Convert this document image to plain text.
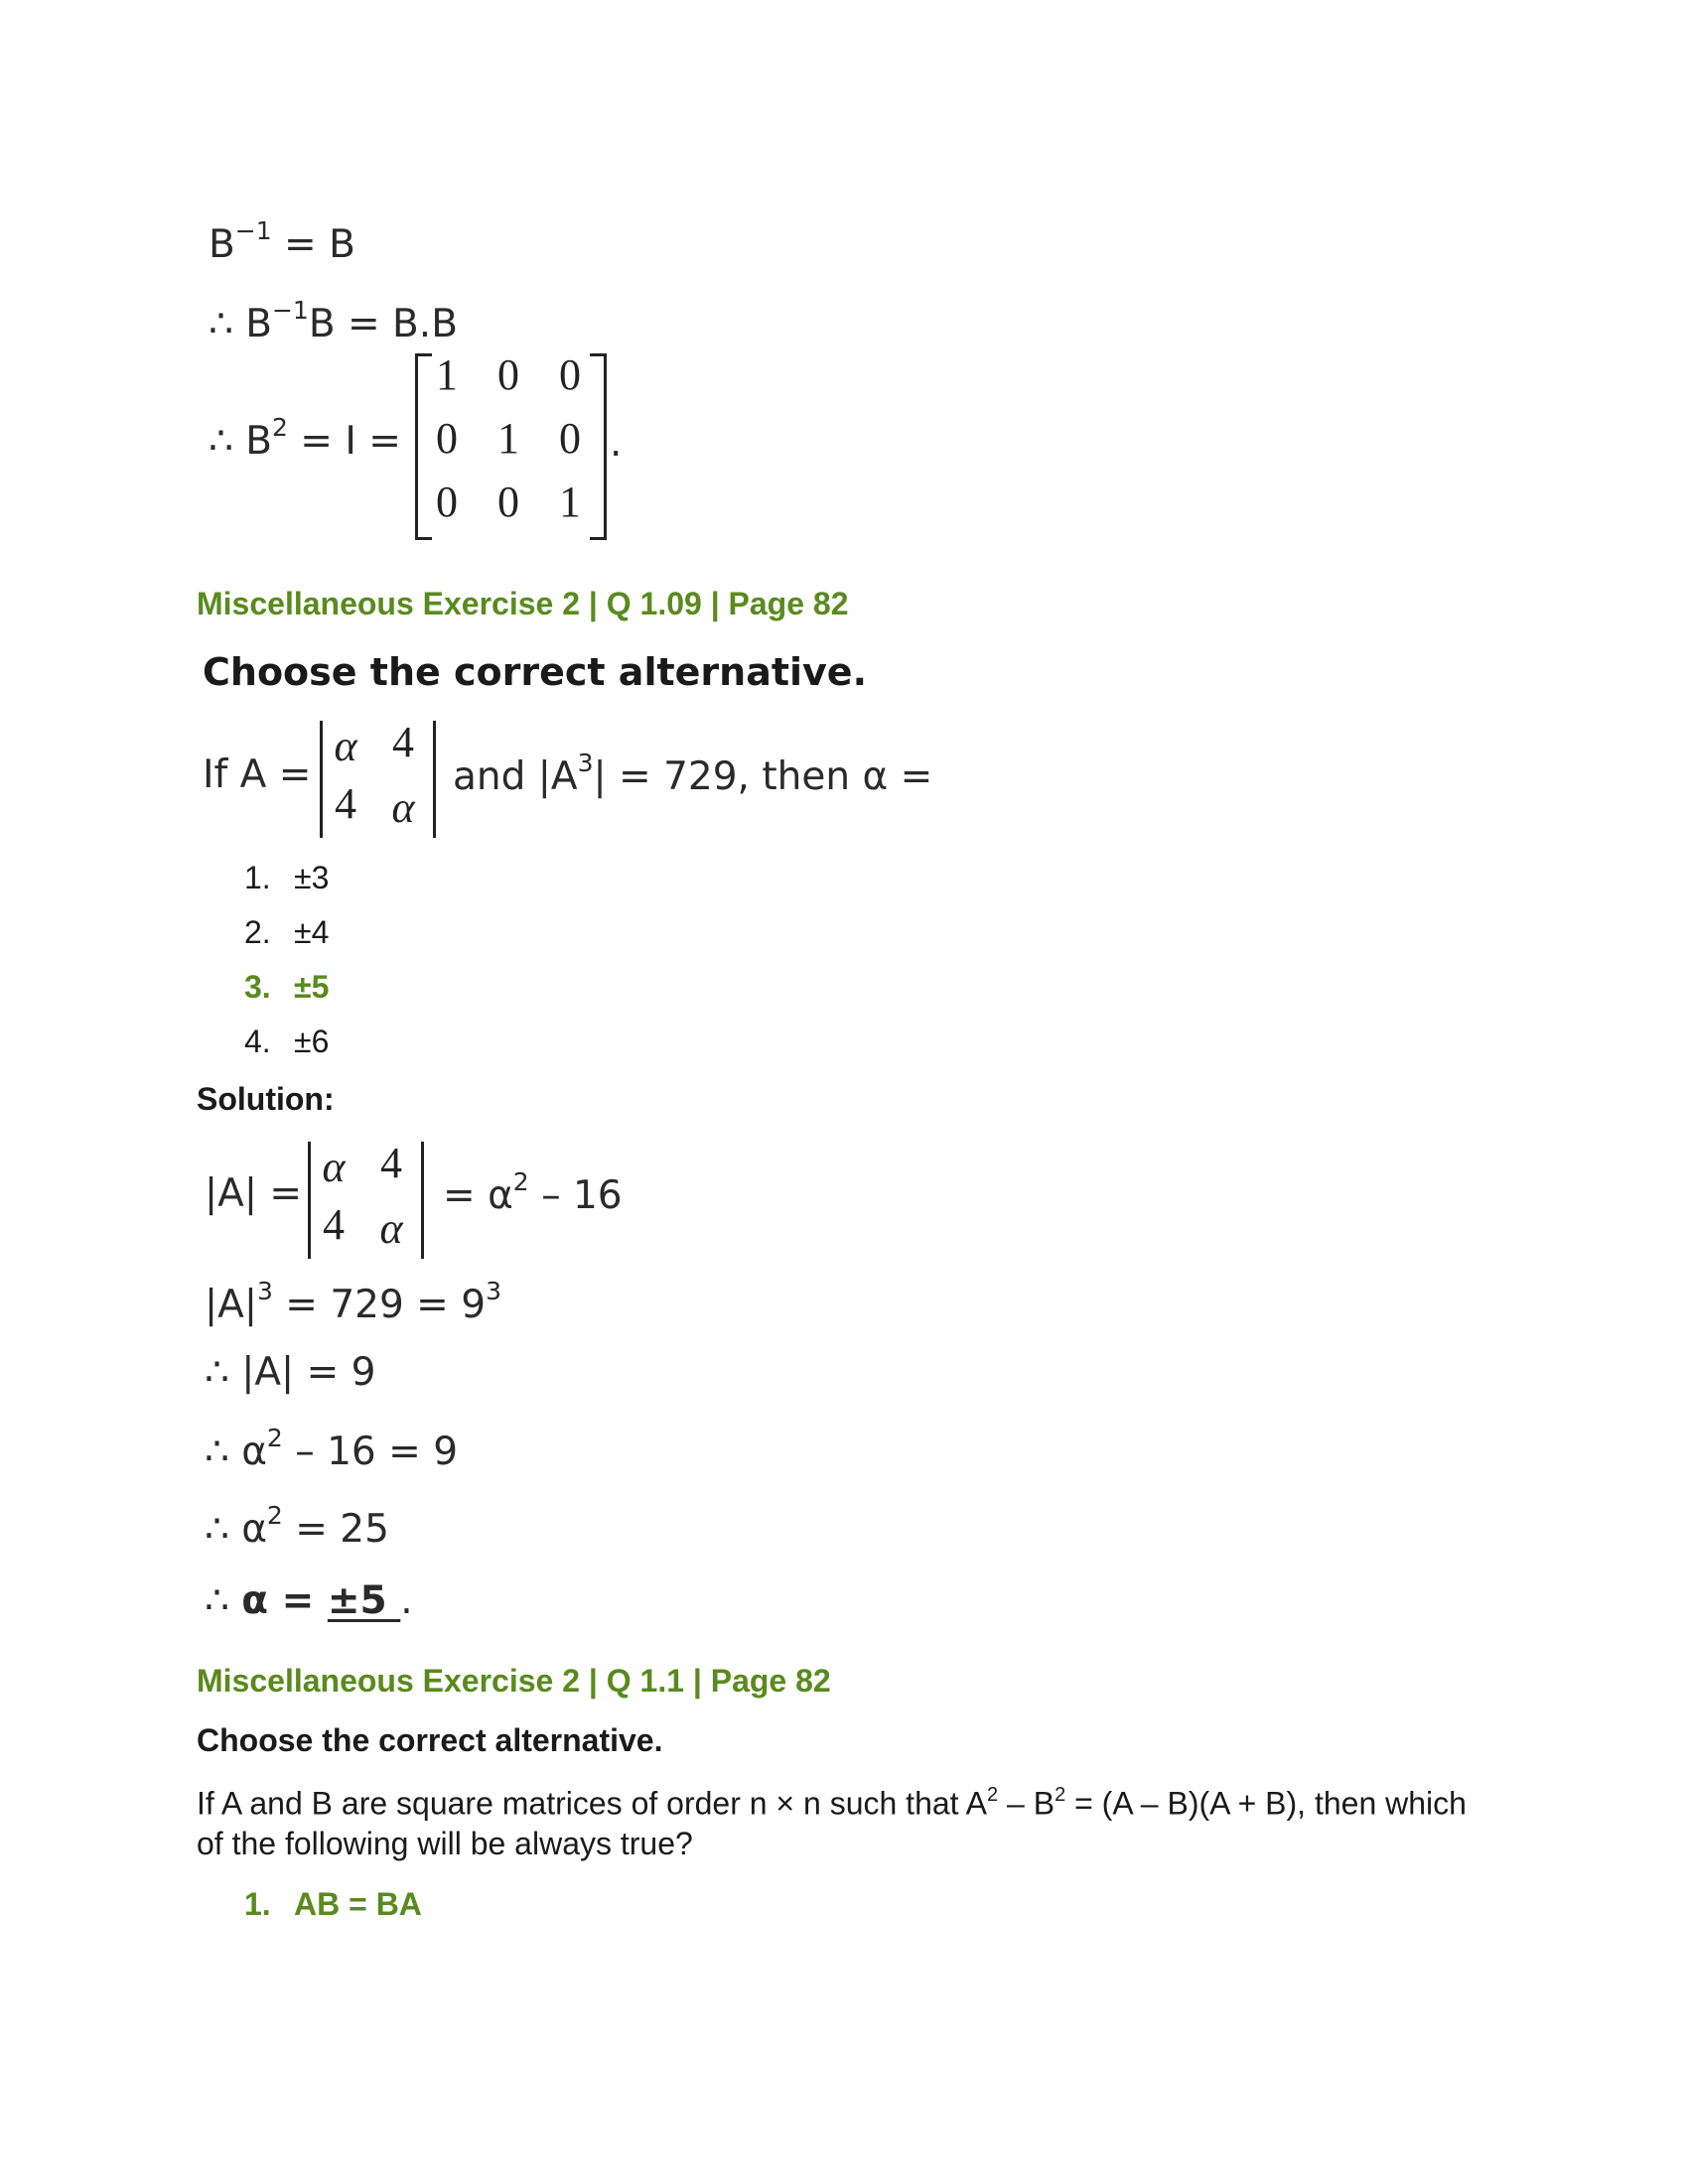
$B^{-1} = B$
∴ $B^{-1}B = B.B$
∴ $B^2 = I$ =
1 0 0
0 1 0
0 0 1
.
Miscellaneous Exercise 2 | Q 1.09 | Page 82
Choose the correct alternative.
If A =
α 4
4 α
and $|A^3| = 729$, then α =
1. ±3
2. ±4
3. ±5
4. ±6
Solution:
|A| =
α 4
4 α
= $\alpha^2 - 16$
$|A|^3 = 729 = 9^3$
∴ |A| = 9
∴ $\alpha^2 - 16 = 9$
∴ $\alpha^2 = 25$
∴ α = ±5 .
Miscellaneous Exercise 2 | Q 1.1 | Page 82
Choose the correct alternative.
If A and B are square matrices of order n × n such that $A^2 - B^2 = (A - B)(A + B)$, then which of the following will be always true?
1. AB = BA
